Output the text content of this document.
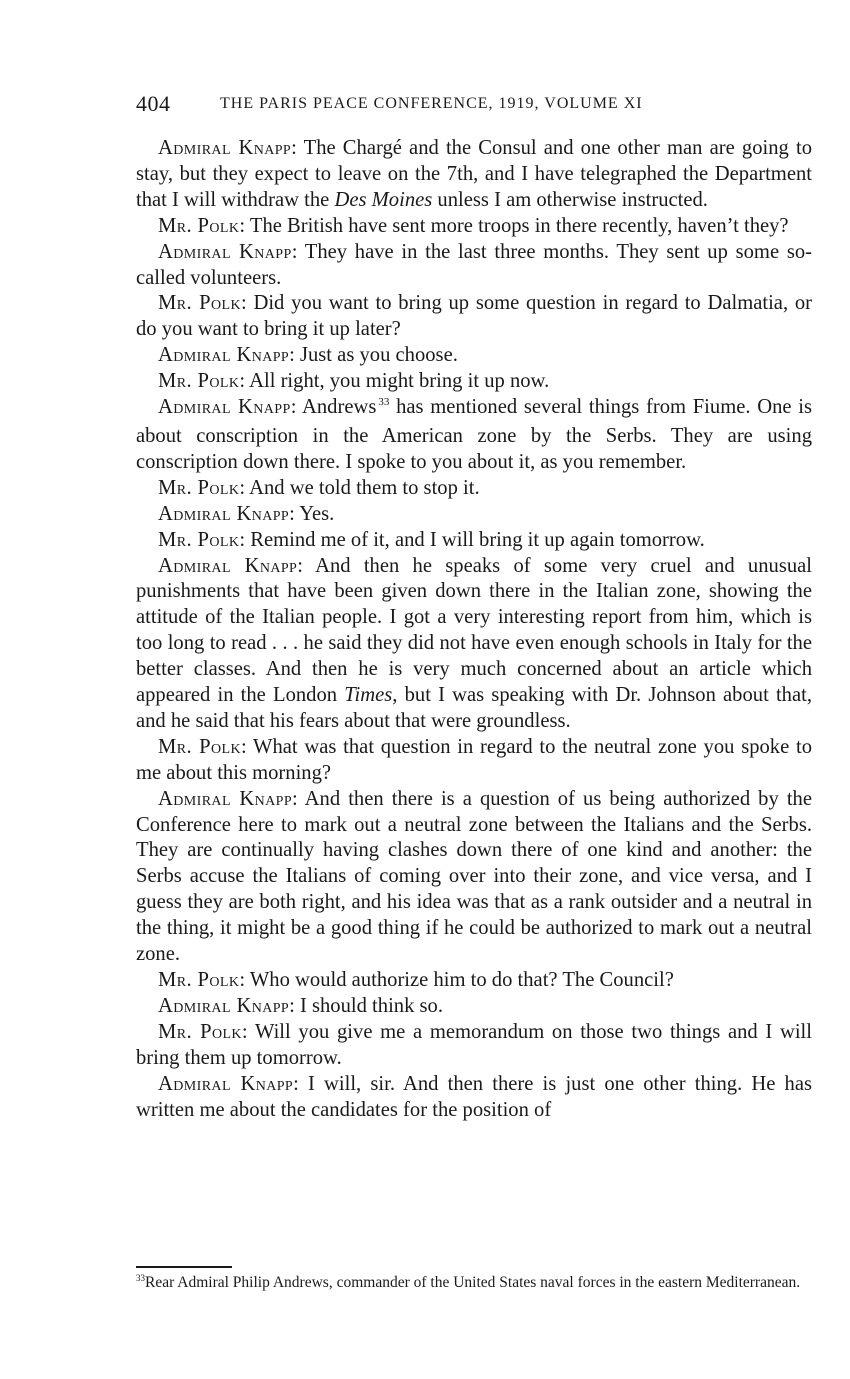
404	THE PARIS PEACE CONFERENCE, 1919, VOLUME XI

Admiral Knapp: The Chargé and the Consul and one other man are going to stay, but they expect to leave on the 7th, and I have telegraphed the Department that I will withdraw the Des Moines unless I am otherwise instructed.

Mr. Polk: The British have sent more troops in there recently, haven’t they?

Admiral Knapp: They have in the last three months. They sent up some so-called volunteers.

Mr. Polk: Did you want to bring up some question in regard to Dalmatia, or do you want to bring it up later?

Admiral Knapp: Just as you choose.

Mr. Polk: All right, you might bring it up now.

Admiral Knapp: Andrews $^{33}$ has mentioned several things from Fiume. One is about conscription in the American zone by the Serbs. They are using conscription down there. I spoke to you about it, as you remember.

Mr. Polk: And we told them to stop it.

Admiral Knapp: Yes.

Mr. Polk: Remind me of it, and I will bring it up again tomorrow.

Admiral Knapp: And then he speaks of some very cruel and unusual punishments that have been given down there in the Italian zone, showing the attitude of the Italian people. I got a very interesting report from him, which is too long to read . . . he said they did not have even enough schools in Italy for the better classes. And then he is very much concerned about an article which appeared in the London Times, but I was speaking with Dr. Johnson about that, and he said that his fears about that were groundless.

Mr. Polk: What was that question in regard to the neutral zone you spoke to me about this morning?

Admiral Knapp: And then there is a question of us being authorized by the Conference here to mark out a neutral zone between the Italians and the Serbs. They are continually having clashes down there of one kind and another: the Serbs accuse the Italians of coming over into their zone, and vice versa, and I guess they are both right, and his idea was that as a rank outsider and a neutral in the thing, it might be a good thing if he could be authorized to mark out a neutral zone.

Mr. Polk: Who would authorize him to do that? The Council?

Admiral Knapp: I should think so.

Mr. Polk: Will you give me a memorandum on those two things and I will bring them up tomorrow.

Admiral Knapp: I will, sir. And then there is just one other thing. He has written me about the candidates for the position of

$^{33}$Rear Admiral Philip Andrews, commander of the United States naval forces in the eastern Mediterranean.
